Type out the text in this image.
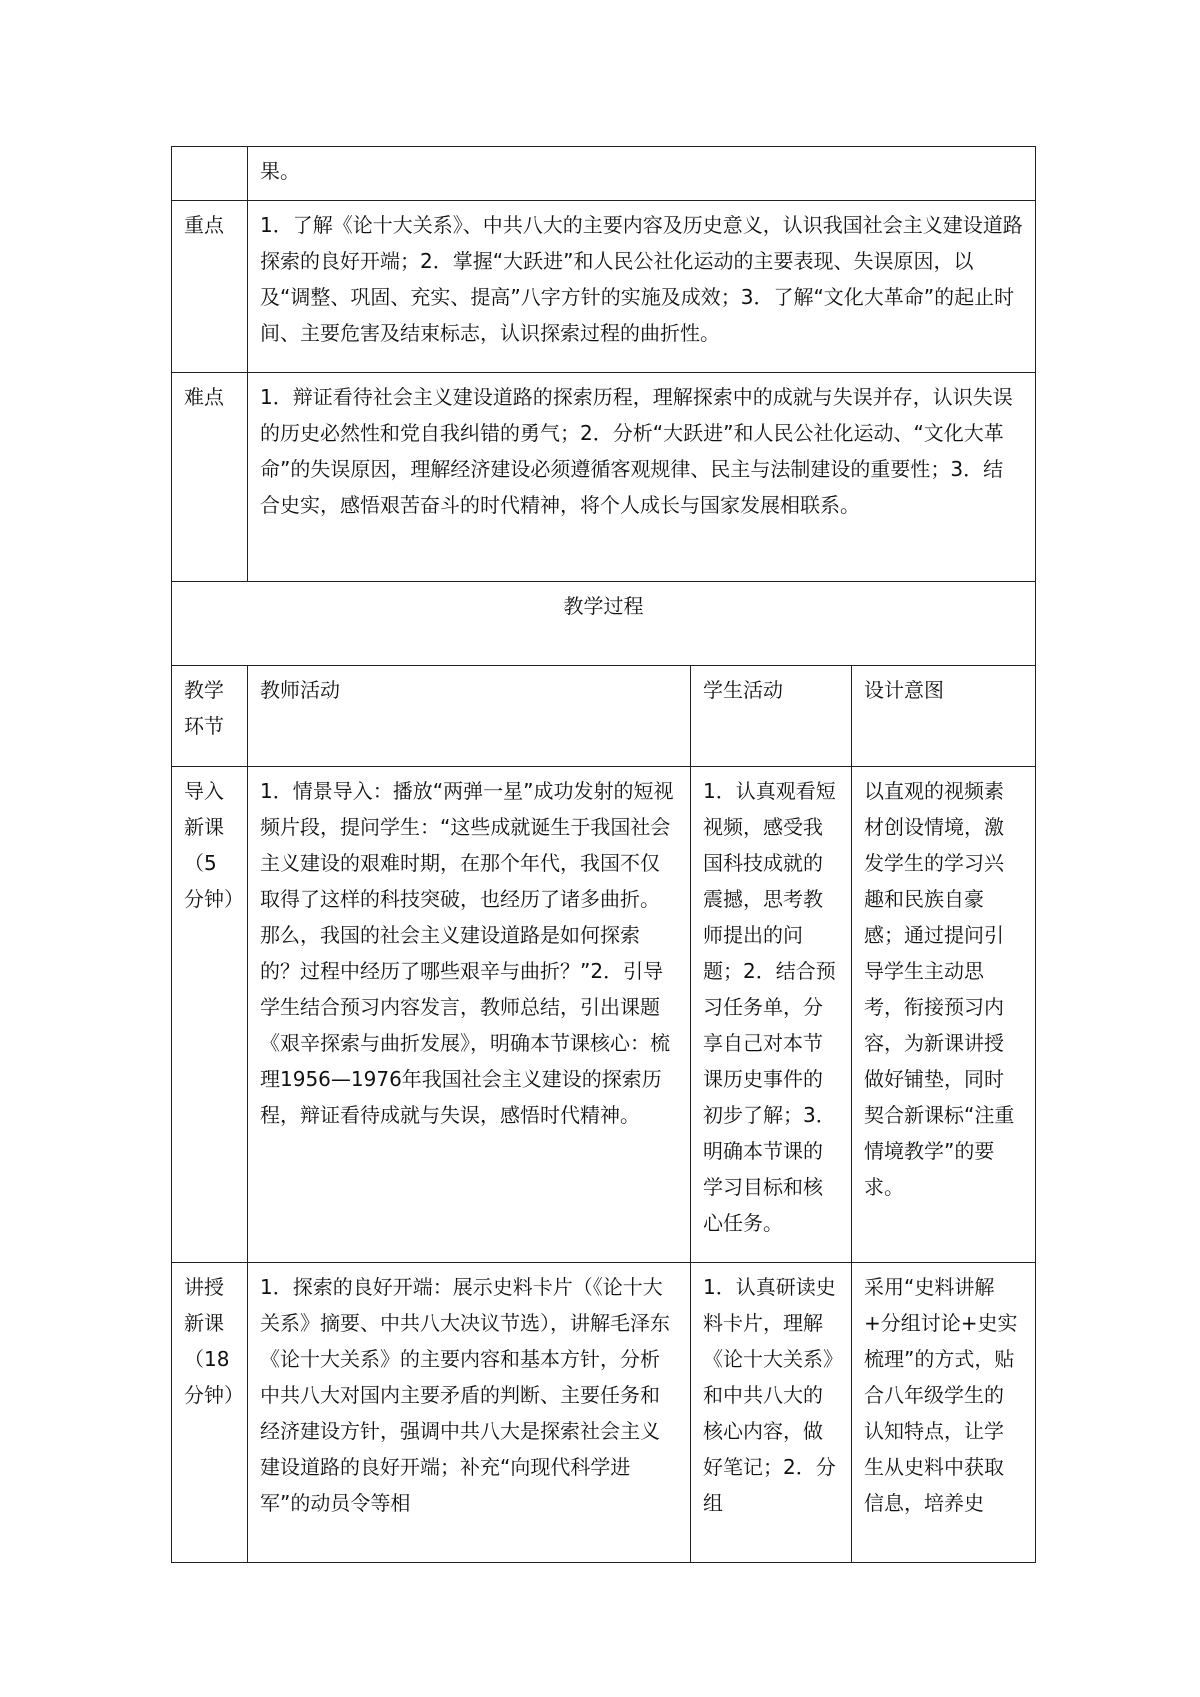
	果。		
重点	1．了解《论十大关系》、中共八大的主要内容及历史意义，认识我国社会主义建设道路探索的良好开端；2．掌握“大跃进”和人民公社化运动的主要表现、失误原因，以及“调整、巩固、充实、提高”八字方针的实施及成效；3．了解“文化大革命”的起止时间、主要危害及结束标志，认识探索过程的曲折性。		
难点	1．辩证看待社会主义建设道路的探索历程，理解探索中的成就与失误并存，认识失误的历史必然性和党自我纠错的勇气；2．分析“大跃进”和人民公社化运动、“文化大革命”的失误原因，理解经济建设必须遵循客观规律、民主与法制建设的重要性；3．结合史实，感悟艰苦奋斗的时代精神，将个人成长与国家发展相联系。		
教学过程			
教学环节	教师活动	学生活动	设计意图
导入新课（5分钟）	1．情景导入：播放“两弹一星”成功发射的短视频片段，提问学生：“这些成就诞生于我国社会主义建设的艰难时期，在那个年代，我国不仅取得了这样的科技突破，也经历了诸多曲折。那么，我国的社会主义建设道路是如何探索的？过程中经历了哪些艰辛与曲折？”2．引导学生结合预习内容发言，教师总结，引出课题《艰辛探索与曲折发展》，明确本节课核心：梳理1956—1976年我国社会主义建设的探索历程，辩证看待成就与失误，感悟时代精神。	1．认真观看短视频，感受我国科技成就的震撼，思考教师提出的问题；2．结合预习任务单，分享自己对本节课历史事件的初步了解；3．明确本节课的学习目标和核心任务。	以直观的视频素材创设情境，激发学生的学习兴趣和民族自豪感；通过提问引导学生主动思考，衔接预习内容，为新课讲授做好铺垫，同时契合新课标“注重情境教学”的要求。
讲授新课（18分钟）	1．探索的良好开端：展示史料卡片（《论十大关系》摘要、中共八大决议节选），讲解毛泽东《论十大关系》的主要内容和基本方针，分析中共八大对国内主要矛盾的判断、主要任务和经济建设方针，强调中共八大是探索社会主义建设道路的良好开端；补充“向现代科学进军”的动员令等相	1．认真研读史料卡片，理解《论十大关系》和中共八大的核心内容，做好笔记；2．分组	采用“史料讲解+分组讨论+史实梳理”的方式，贴合八年级学生的认知特点，让学生从史料中获取信息，培养史
